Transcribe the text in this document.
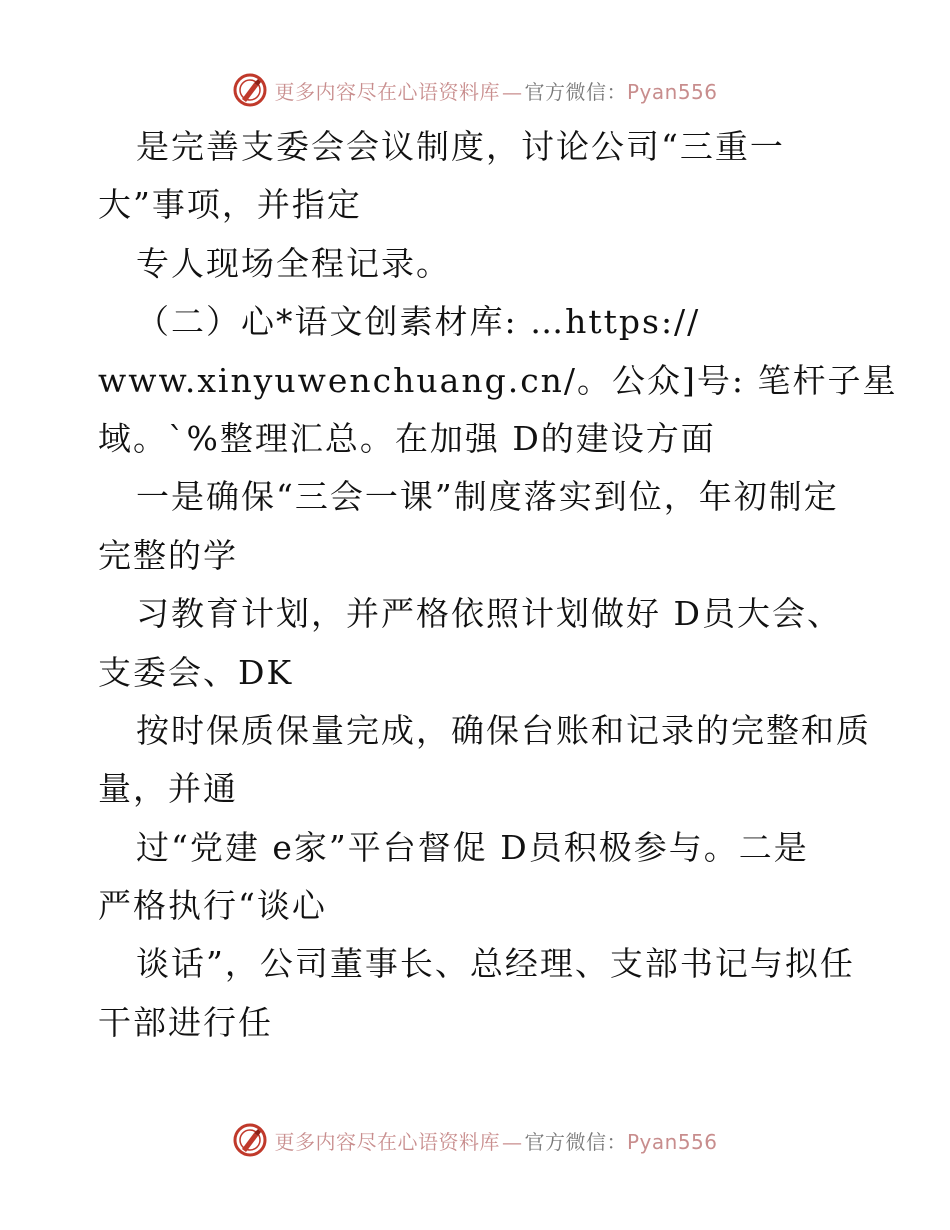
更多内容尽在心语资料库 — 官方微信：Pyan556
是完善支委会会议制度，讨论公司“三重一
大”事项，并指定
专人现场全程记录。
（二）心*语文创素材库: …https://
www.xinyuwenchuang.cn/。公众]号: 笔杆子星
域。`%整理汇总。在加强 D的建设方面
一是确保“三会一课”制度落实到位，年初制定
完整的学
习教育计划，并严格依照计划做好 D员大会、
支委会、DK
按时保质保量完成，确保台账和记录的完整和质
量，并通
过“党建 e家”平台督促 D员积极参与。二是
严格执行“谈心
谈话”，公司董事长、总经理、支部书记与拟任
干部进行任
更多内容尽在心语资料库 — 官方微信：Pyan556
